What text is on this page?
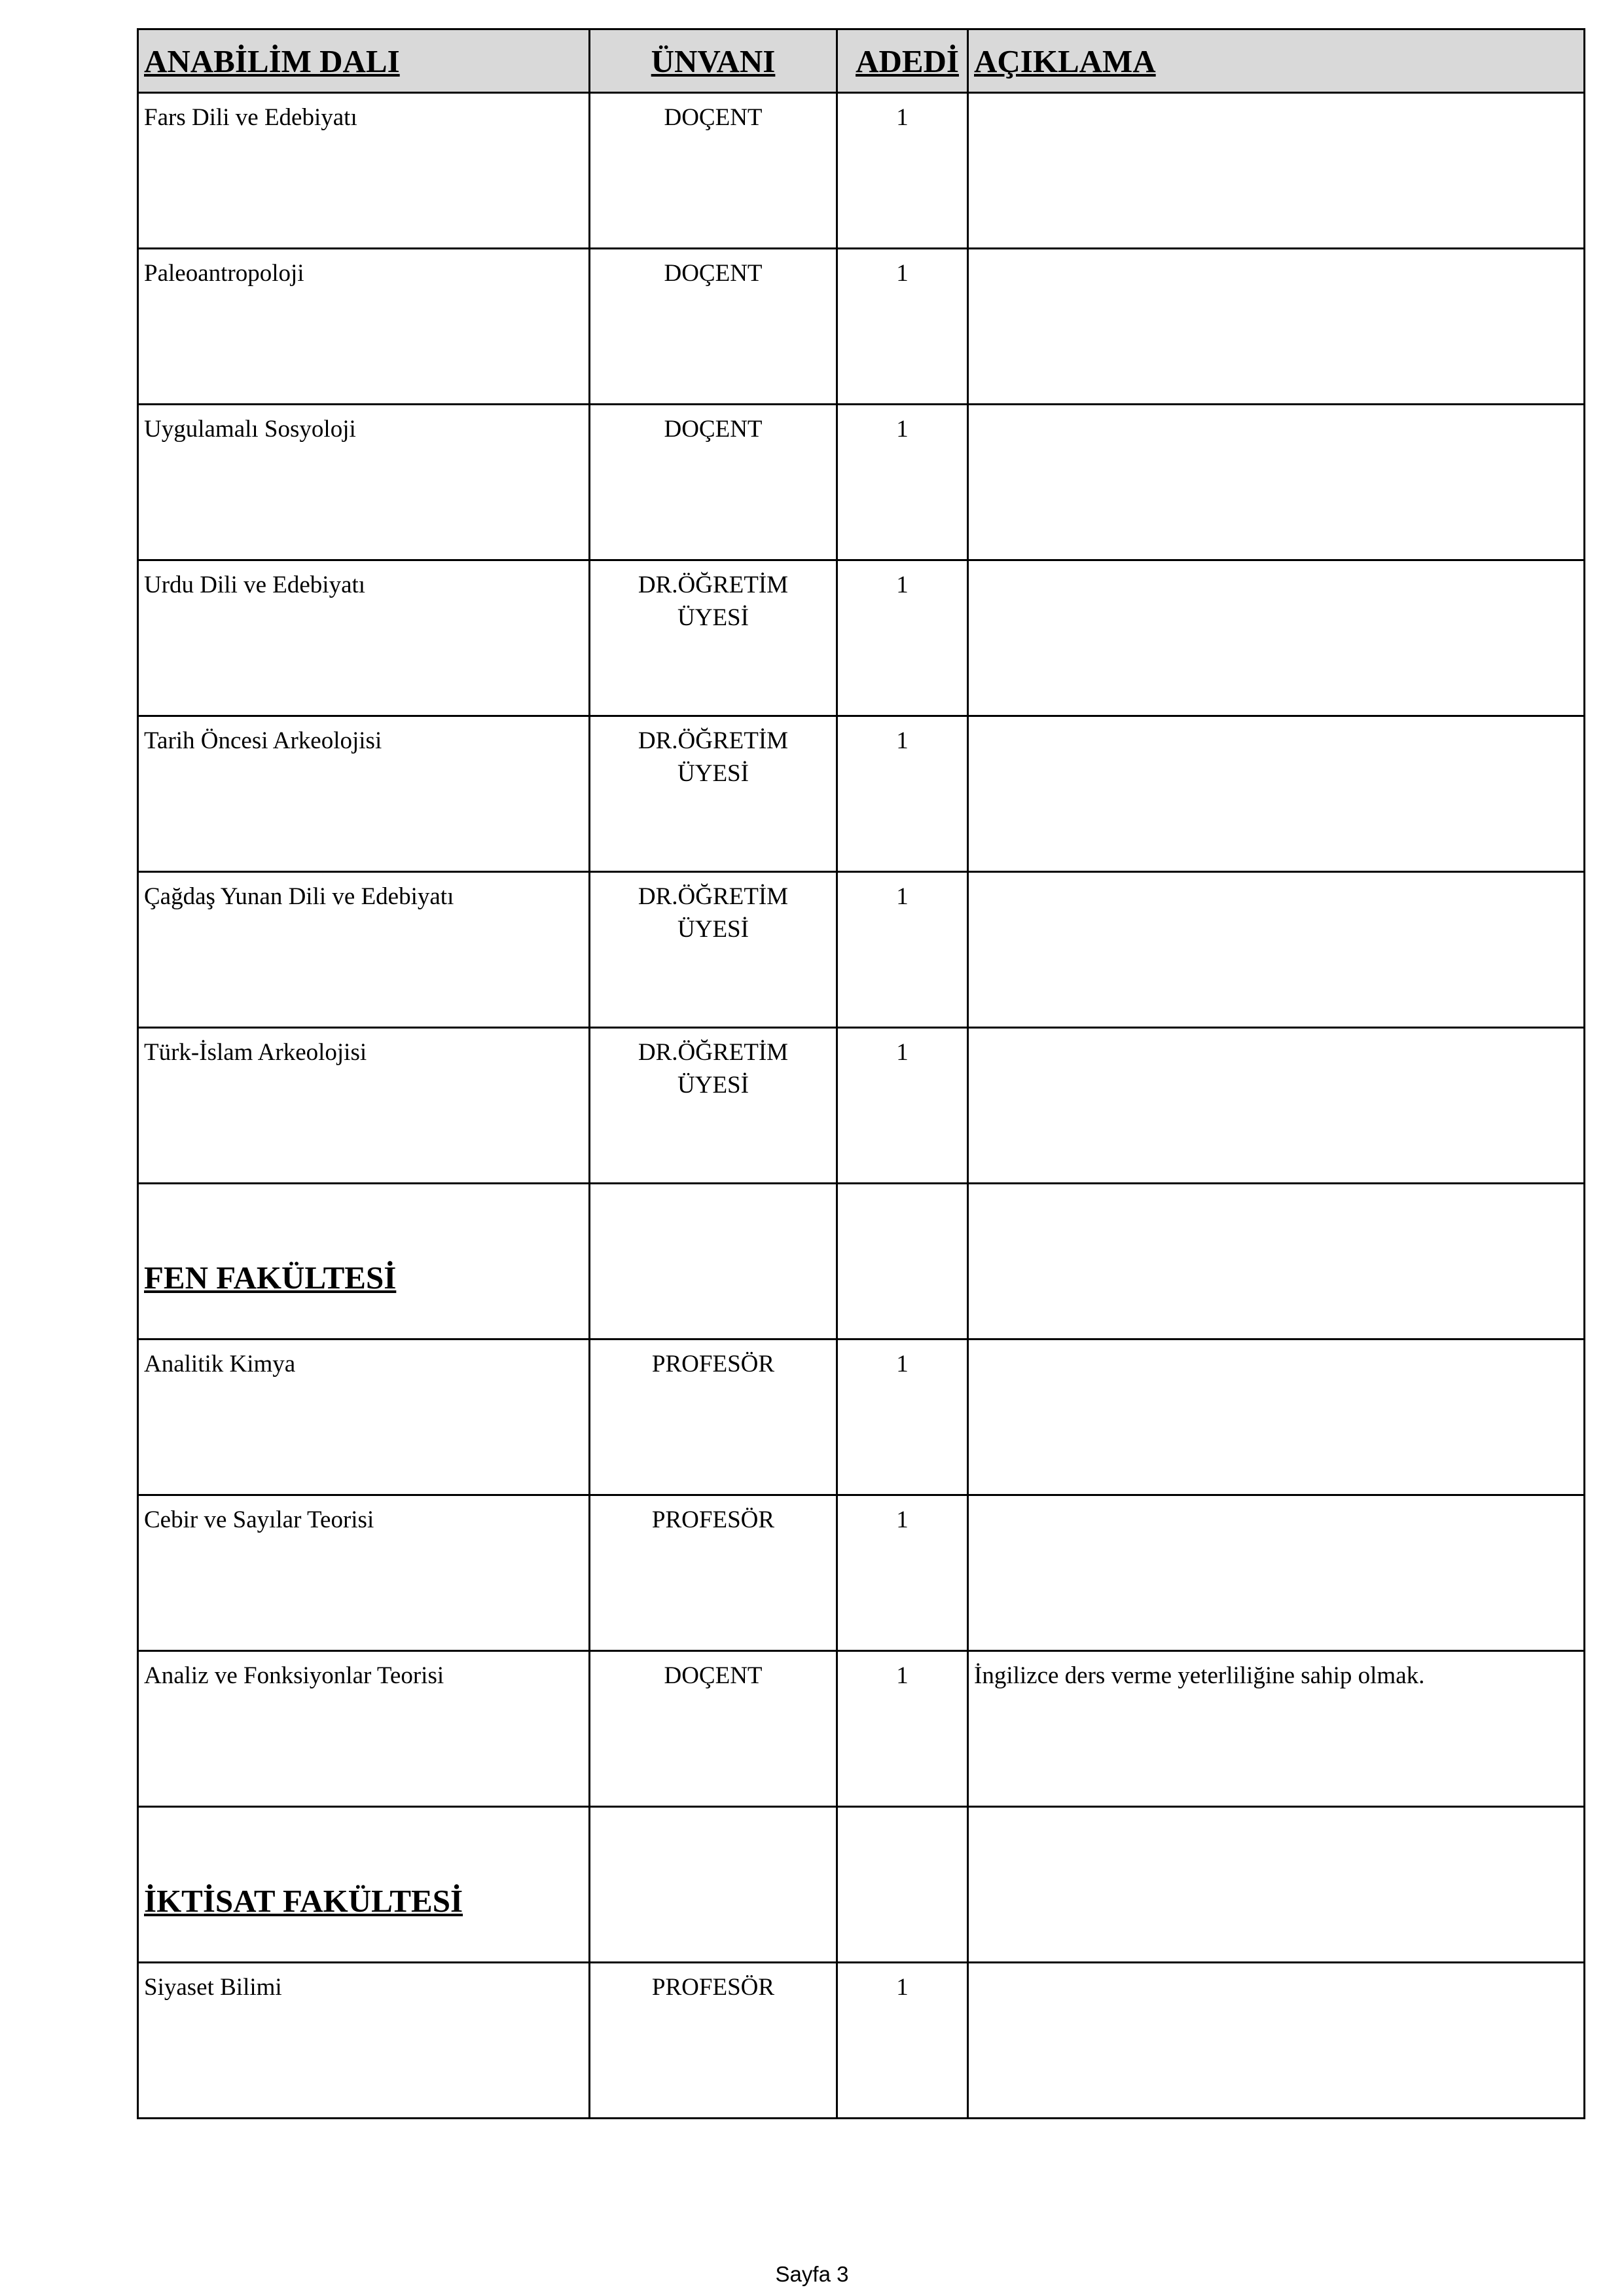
ANABİLİM DALI	ÜNVANI	ADEDİ	AÇIKLAMA
Fars Dili ve Edebiyatı	DOÇENT	1	
Paleoantropoloji	DOÇENT	1	
Uygulamalı Sosyoloji	DOÇENT	1	
Urdu Dili ve Edebiyatı	DR.ÖĞRETİM ÜYESİ	1	
Tarih Öncesi Arkeolojisi	DR.ÖĞRETİM ÜYESİ	1	
Çağdaş Yunan Dili ve Edebiyatı	DR.ÖĞRETİM ÜYESİ	1	
Türk-İslam Arkeolojisi	DR.ÖĞRETİM ÜYESİ	1	
FEN FAKÜLTESİ			
Analitik Kimya	PROFESÖR	1	
Cebir ve Sayılar Teorisi	PROFESÖR	1	
Analiz ve Fonksiyonlar Teorisi	DOÇENT	1	İngilizce ders verme yeterliliğine sahip olmak.
İKTİSAT FAKÜLTESİ			
Siyaset Bilimi	PROFESÖR	1	
Sayfa 3
